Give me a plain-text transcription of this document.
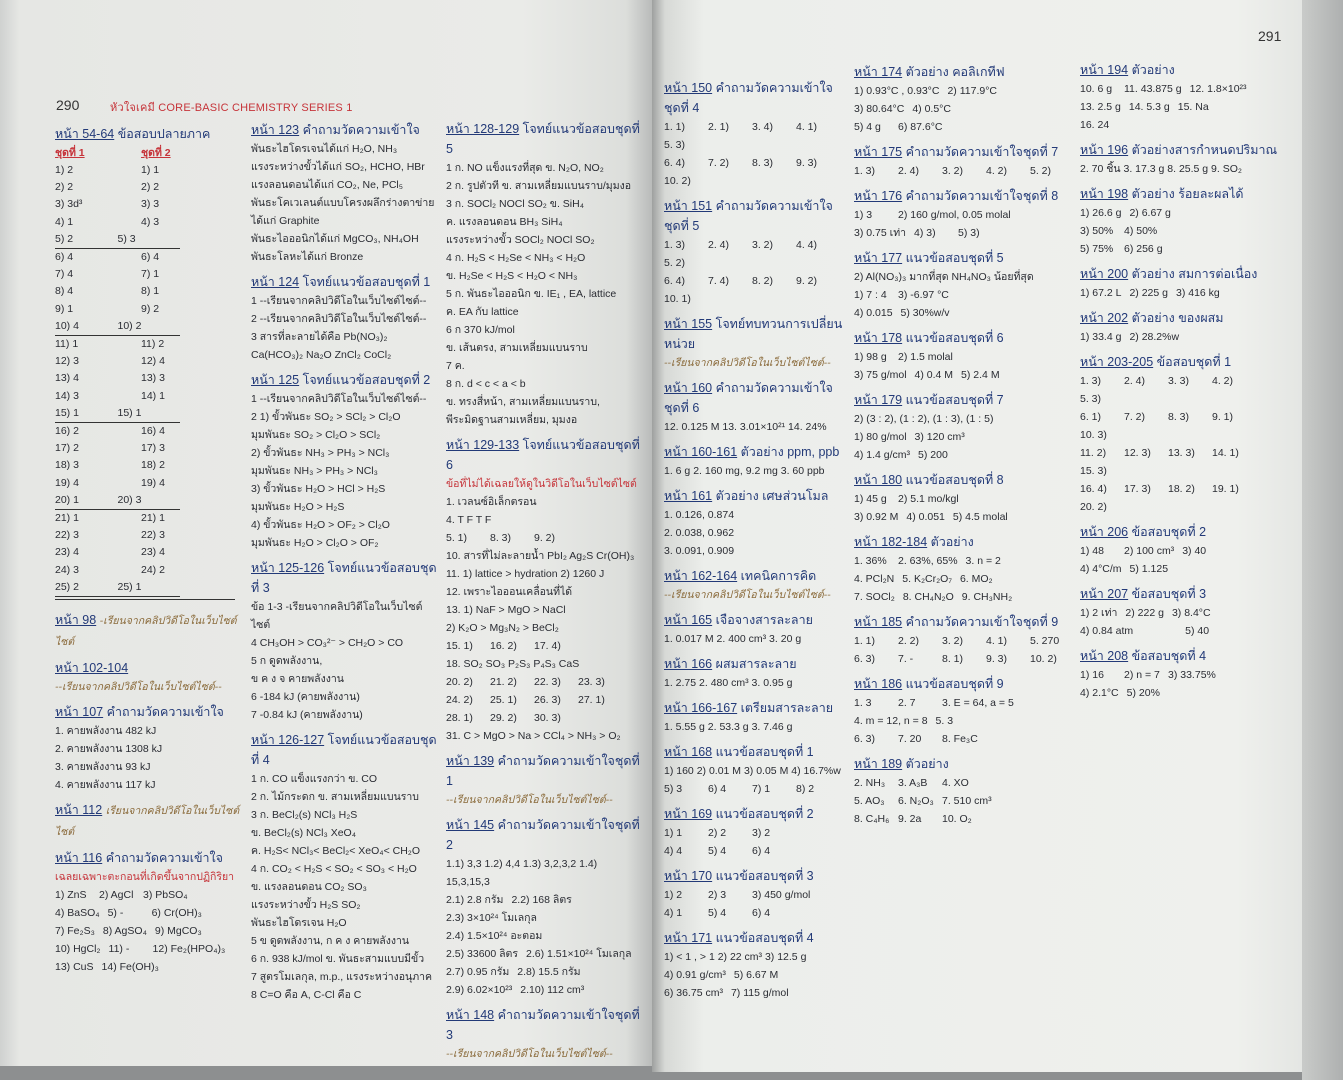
290	หัวใจเคมี CORE-BASIC CHEMISTRY SERIES 1
หน้า 54-64 ข้อสอบปลายภาค
ชุดที่ 1	ชุดที่ 2
1) 2	1) 1
2) 2	2) 2
3) 3d³	3) 3
4) 1	4) 3
5) 2	5) 3
6) 4	6) 4
7) 4	7) 1
8) 4	8) 1
9) 1	9) 2
10) 4	10) 2
11) 1	11) 2
12) 3	12) 4
13) 4	13) 3
14) 3	14) 1
15) 1	15) 1
16) 2	16) 4
17) 2	17) 3
18) 3	18) 2
19) 4	19) 4
20) 1	20) 3
21) 1	21) 1
22) 3	22) 3
23) 4	23) 4
24) 3	24) 2
25) 2	25) 1
หน้า 98 -เรียนจากคลิปวิดีโอในเว็บไซต์ไซต์
หน้า 102-104
--เรียนจากคลิปวิดีโอในเว็บไซต์ไซต์--
หน้า 107 คำถามวัดความเข้าใจ
1. คายพลังงาน 482 kJ
2. คายพลังงาน 1308 kJ
3. คายพลังงาน 93 kJ
4. คายพลังงาน 117 kJ
หน้า 112 เรียนจากคลิปวิดีโอในเว็บไซต์ไซต์
หน้า 116 คำถามวัดความเข้าใจ
เฉลยเฉพาะตะกอนที่เกิดขึ้นจากปฏิกิริยา
1) ZnS	2) AgCl 3) PbSO₄
4) BaSO₄ 5) -	6) Cr(OH)₃
7) Fe₂S₃ 8) AgSO₄ 9) MgCO₃
10) HgCl₂ 11) -	12) Fe₂(HPO₄)₃
13) CuS 14) Fe(OH)₃
หน้า 123 คำถามวัดความเข้าใจ
พันธะไฮโดรเจนได้แก่ H₂O, NH₃
แรงระหว่างขั้วได้แก่ SO₂, HCHO, HBr
แรงลอนดอนได้แก่ CO₂, Ne, PCl₅
พันธะโคเวเลนต์แบบโครงผลึกร่างตาข่าย
ได้แก่ Graphite
พันธะไอออนิกได้แก่ MgCO₃, NH₄OH
พันธะโลหะได้แก่ Bronze
หน้า 124 โจทย์แนวข้อสอบชุดที่ 1
1 --เรียนจากคลิปวิดีโอในเว็บไซต์ไซต์--
2 --เรียนจากคลิปวิดีโอในเว็บไซต์ไซต์--
3 สารที่ละลายได้คือ Pb(NO₃)₂
Ca(HCO₃)₂ Na₂O ZnCl₂ CoCl₂
หน้า 125 โจทย์แนวข้อสอบชุดที่ 2
1 --เรียนจากคลิปวิดีโอในเว็บไซต์ไซต์--
2 1) ขั้วพันธะ SO₂ > SCl₂ > Cl₂O
มุมพันธะ SO₂ > Cl₂O > SCl₂
2) ขั้วพันธะ NH₃ > PH₃ > NCl₃
มุมพันธะ NH₃ > PH₃ > NCl₃
3) ขั้วพันธะ H₂O > HCl > H₂S
มุมพันธะ H₂O > H₂S
4) ขั้วพันธะ H₂O > OF₂ > Cl₂O
มุมพันธะ H₂O > Cl₂O > OF₂
หน้า 125-126 โจทย์แนวข้อสอบชุดที่ 3
ข้อ 1-3 -เรียนจากคลิปวิดีโอในเว็บไซต์ไซต์
4 CH₃OH > CO₃²⁻ > CH₂O > CO
5 ก ดูดพลังงาน,
ข ค ง จ คายพลังงาน
6 -184 kJ (คายพลังงาน)
7 -0.84 kJ (คายพลังงาน)
หน้า 126-127 โจทย์แนวข้อสอบชุดที่ 4
1 ก. CO แข็งแรงกว่า ข. CO
2 ก. ไม้กระดก ข. สามเหลี่ยมแบนราบ
3 ก. BeCl₂(s) NCl₃ H₂S
ข. BeCl₂(s) NCl₃ XeO₄
ค. H₂S< NCl₃< BeCl₂< XeO₄< CH₂O
4 ก. CO₂ < H₂S < SO₂ < SO₃ < H₂O
ข. แรงลอนดอน CO₂ SO₃
แรงระหว่างขั้ว H₂S SO₂
พันธะไฮโดรเจน H₂O
5 ข ดูดพลังงาน, ก ค ง คายพลังงาน
6 ก. 938 kJ/mol ข. พันธะสามแบบมีขั้ว
7 สูตรโมเลกุล, m.p., แรงระหว่างอนุภาค
8 C=O คือ A, C-Cl คือ C
หน้า 128-129 โจทย์แนวข้อสอบชุดที่ 5
1 ก. NO แข็งแรงที่สุด ข. N₂O, NO₂
2 ก. รูปตัวที ข. สามเหลี่ยมแบนราบ/มุมงอ
3 ก. SOCl₂ NOCl SO₂ ข. SiH₄
ค. แรงลอนดอน BH₃ SiH₄
แรงระหว่างขั้ว SOCl₂ NOCl SO₂
4 ก. H₂S < H₂Se < NH₃ < H₂O
ข. H₂Se < H₂S < H₂O < NH₃
5 ก. พันธะไอออนิก ข. IE₁ , EA, lattice
ค. EA กับ lattice
6 ก 370 kJ/mol
ข. เส้นตรง, สามเหลี่ยมแบนราบ
7 ค.
8 ก. d < c < a < b
ข. ทรงสี่หน้า, สามเหลี่ยมแบนราบ,
พีระมิดฐานสามเหลี่ยม, มุมงอ
หน้า 129-133 โจทย์แนวข้อสอบชุดที่ 6
ข้อที่ไม่ได้เฉลยให้ดูในวิดีโอในเว็บไซต์ไซต์
1. เวลนซ์อิเล็กตรอน
4. T F T F
5. 1)	8. 3)	9. 2)
10. สารที่ไม่ละลายน้ำ PbI₂ Ag₂S Cr(OH)₃
11. 1) lattice > hydration 2) 1260 J
12. เพราะไอออนเคลื่อนที่ได้
13. 1) NaF > MgO > NaCl
2) K₂O > Mg₃N₂ > BeCl₂
15. 1)	16. 2)	17. 4)
18. SO₂ SO₃ P₂S₃ P₄S₃ CaS
20. 2)	21. 2)	22. 3)	23. 3)
24. 2)	25. 1)	26. 3)	27. 1)
28. 1)	29. 2)	30. 3)
31. C > MgO > Na > CCl₄ > NH₃ > O₂
หน้า 139 คำถามวัดความเข้าใจชุดที่ 1
--เรียนจากคลิปวิดีโอในเว็บไซต์ไซต์--
หน้า 145 คำถามวัดความเข้าใจชุดที่ 2
1.1) 3,3 1.2) 4,4 1.3) 3,2,3,2 1.4) 15,3,15,3
2.1) 2.8 กรัม 2.2) 168 ลิตร
2.3) 3×10²⁴ โมเลกุล
2.4) 1.5×10²⁴ อะตอม
2.5) 33600 ลิตร 2.6) 1.51×10²⁴ โมเลกุล
2.7) 0.95 กรัม 2.8) 15.5 กรัม
2.9) 6.02×10²³ 2.10) 112 cm³
หน้า 148 คำถามวัดความเข้าใจชุดที่ 3
--เรียนจากคลิปวิดีโอในเว็บไซต์ไซต์--
291
หน้า 150 คำถามวัดความเข้าใจชุดที่ 4
1. 1)	2. 1)	3. 4)	4. 1)
5. 3)
6. 4)	7. 2)	8. 3)	9. 3)
10. 2)
หน้า 151 คำถามวัดความเข้าใจชุดที่ 5
1. 3)	2. 4)	3. 2)	4. 4)
5. 2)
6. 4)	7. 4)	8. 2)	9. 2)
10. 1)
หน้า 155 โจทย์ทบทวนการเปลี่ยนหน่วย
--เรียนจากคลิปวิดีโอในเว็บไซต์ไซต์--
หน้า 160 คำถามวัดความเข้าใจชุดที่ 6
12. 0.125 M 13. 3.01×10²¹ 14. 24%
หน้า 160-161 ตัวอย่าง ppm, ppb
1. 6 g 2. 160 mg, 9.2 mg 3. 60 ppb
หน้า 161 ตัวอย่าง เศษส่วนโมล
1. 0.126, 0.874
2. 0.038, 0.962
3. 0.091, 0.909
หน้า 162-164 เทคนิคการคิด
--เรียนจากคลิปวิดีโอในเว็บไซต์ไซต์--
หน้า 165 เจือจางสารละลาย
1. 0.017 M 2. 400 cm³ 3. 20 g
หน้า 166 ผสมสารละลาย
1. 2.75 2. 480 cm³ 3. 0.95 g
หน้า 166-167 เตรียมสารละลาย
1. 5.55 g 2. 53.3 g 3. 7.46 g
หน้า 168 แนวข้อสอบชุดที่ 1
1) 160 2) 0.01 M 3) 0.05 M 4) 16.7%w
5) 3	6) 4	7) 1	8) 2
หน้า 169 แนวข้อสอบชุดที่ 2
1) 1	2) 2	3) 2
4) 4	5) 4	6) 4
หน้า 170 แนวข้อสอบชุดที่ 3
1) 2	2) 3	3) 450 g/mol
4) 1	5) 4	6) 4
หน้า 171 แนวข้อสอบชุดที่ 4
1) < 1 , > 1 2) 22 cm³ 3) 12.5 g
4) 0.91 g/cm³ 5) 6.67 M
6) 36.75 cm³ 7) 115 g/mol
หน้า 174 ตัวอย่าง คอลิเกทีฟ
1) 0.93°C , 0.93°C 2) 117.9°C
3) 80.64°C 4) 0.5°C
5) 4 g	6) 87.6°C
หน้า 175 คำถามวัดความเข้าใจชุดที่ 7
1. 3)	2. 4)	3. 2)	4. 2)	5. 2)
หน้า 176 คำถามวัดความเข้าใจชุดที่ 8
1) 3	2) 160 g/mol, 0.05 molal
3) 0.75 เท่า 4) 3)	5) 3)
หน้า 177 แนวข้อสอบชุดที่ 5
2) Al(NO₃)₃ มากที่สุด NH₄NO₃ น้อยที่สุด
1) 7 : 4	3) -6.97 °C
4) 0.015 5) 30%w/v
หน้า 178 แนวข้อสอบชุดที่ 6
1) 98 g	2) 1.5 molal
3) 75 g/mol 4) 0.4 M 5) 2.4 M
หน้า 179 แนวข้อสอบชุดที่ 7
2) (3 : 2), (1 : 2), (1 : 3), (1 : 5)
1) 80 g/mol 3) 120 cm³
4) 1.4 g/cm³ 5) 200
หน้า 180 แนวข้อสอบชุดที่ 8
1) 45 g	2) 5.1 mo/kgl
3) 0.92 M 4) 0.051 5) 4.5 molal
หน้า 182-184 ตัวอย่าง
1. 36%	2. 63%, 65% 3. n = 2
4. PCl₂N 5. K₂Cr₂O₇ 6. MO₂
7. SOCl₂ 8. CH₄N₂O 9. CH₃NH₂
หน้า 185 คำถามวัดความเข้าใจชุดที่ 9
1. 1)	2. 2)	3. 2)	4. 1)	5. 270
6. 3)	7. -	8. 1)	9. 3)	10. 2)
หน้า 186 แนวข้อสอบชุดที่ 9
1. 3	2. 7	3. E = 64, a = 5
4. m = 12, n = 8 5. 3
6. 3)	7. 20	8. Fe₃C
หน้า 189 ตัวอย่าง
2. NH₃	3. A₃B	4. XO
5. AO₃	6. N₂O₃ 7. 510 cm³
8. C₄H₆ 9. 2a	10. O₂
หน้า 194 ตัวอย่าง
10. 6 g	11. 43.875 g 12. 1.8×10²³
13. 2.5 g 14. 5.3 g 15. Na
16. 24
หน้า 196 ตัวอย่างสารกำหนดปริมาณ
2. 70 ชิ้น 3. 17.3 g 8. 25.5 g 9. SO₂
หน้า 198 ตัวอย่าง ร้อยละผลได้
1) 26.6 g 2) 6.67 g
3) 50% 4) 50%
5) 75% 6) 256 g
หน้า 200 ตัวอย่าง สมการต่อเนื่อง
1) 67.2 L 2) 225 g 3) 416 kg
หน้า 202 ตัวอย่าง ของผสม
1) 33.4 g 2) 28.2%w
หน้า 203-205 ข้อสอบชุดที่ 1
1. 3)	2. 4)	3. 3)	4. 2)
5. 3)
6. 1)	7. 2)	8. 3)	9. 1)
10. 3)
11. 2)	12. 3)	13. 3)	14. 1)
15. 3)
16. 4)	17. 3)	18. 2)	19. 1)
20. 2)
หน้า 206 ข้อสอบชุดที่ 2
1) 48	2) 100 cm³ 3) 40
4) 4°C/m 5) 1.125
หน้า 207 ข้อสอบชุดที่ 3
1) 2 เท่า 2) 222 g 3) 8.4°C
4) 0.84 atm	5) 40
หน้า 208 ข้อสอบชุดที่ 4
1) 16	2) n = 7 3) 33.75%
4) 2.1°C 5) 20%
